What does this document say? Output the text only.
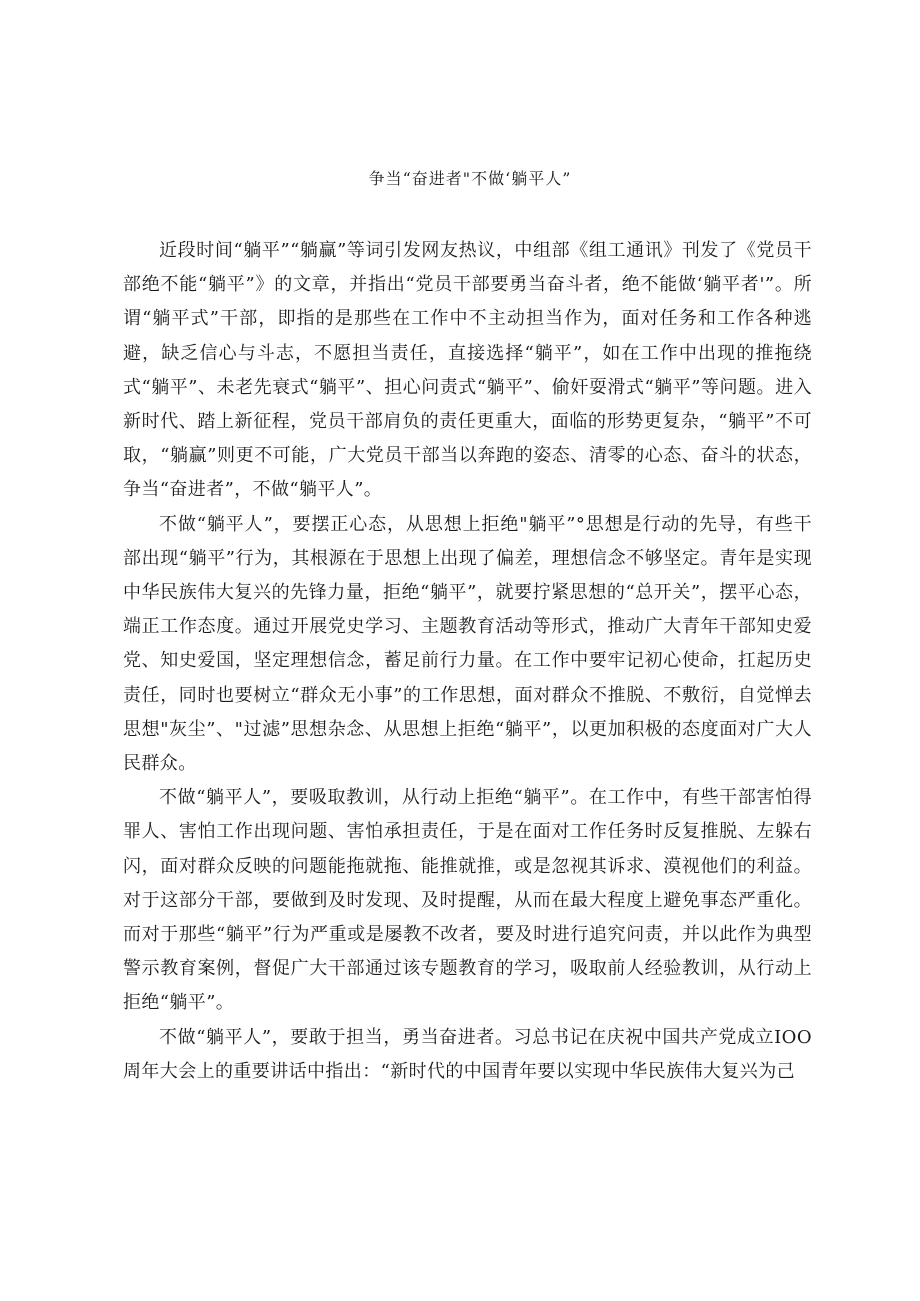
争当“奋进者"不做‘躺平人”

近段时间“躺平”“躺赢”等词引发网友热议，中组部《组工通讯》刊发了《党员干部绝不能“躺平”》的文章，并指出“党员干部要勇当奋斗者，绝不能做‘躺平者'”。所谓“躺平式”干部，即指的是那些在工作中不主动担当作为，面对任务和工作各种逃避，缺乏信心与斗志，不愿担当责任，直接选择“躺平”，如在工作中出现的推拖绕式“躺平”、未老先衰式“躺平”、担心问责式“躺平”、偷奸耍滑式“躺平”等问题。进入新时代、踏上新征程，党员干部肩负的责任更重大，面临的形势更复杂，“躺平”不可取，“躺赢”则更不可能，广大党员干部当以奔跑的姿态、清零的心态、奋斗的状态，争当“奋进者”，不做“躺平人”。

不做“躺平人”，要摆正心态，从思想上拒绝"躺平”°思想是行动的先导，有些干部出现“躺平”行为，其根源在于思想上出现了偏差，理想信念不够坚定。青年是实现中华民族伟大复兴的先锋力量，拒绝“躺平”，就要拧紧思想的“总开关”，摆平心态，端正工作态度。通过开展党史学习、主题教育活动等形式，推动广大青年干部知史爱党、知史爱国，坚定理想信念，蓄足前行力量。在工作中要牢记初心使命，扛起历史责任，同时也要树立“群众无小事”的工作思想，面对群众不推脱、不敷衍，自觉惮去思想"灰尘”、"过滤”思想杂念、从思想上拒绝“躺平”，以更加积极的态度面对广大人民群众。

不做“躺平人”，要吸取教训，从行动上拒绝“躺平”。在工作中，有些干部害怕得罪人、害怕工作出现问题、害怕承担责任，于是在面对工作任务时反复推脱、左躲右闪，面对群众反映的问题能拖就拖、能推就推，或是忽视其诉求、漠视他们的利益。对于这部分干部，要做到及时发现、及时提醒，从而在最大程度上避免事态严重化。而对于那些“躺平”行为严重或是屡教不改者，要及时进行追究问责，并以此作为典型警示教育案例，督促广大干部通过该专题教育的学习，吸取前人经验教训，从行动上拒绝“躺平”。

不做“躺平人”，要敢于担当，勇当奋进者。习总书记在庆祝中国共产党成立IOO周年大会上的重要讲话中指出：“新时代的中国青年要以实现中华民族伟大复兴为己
